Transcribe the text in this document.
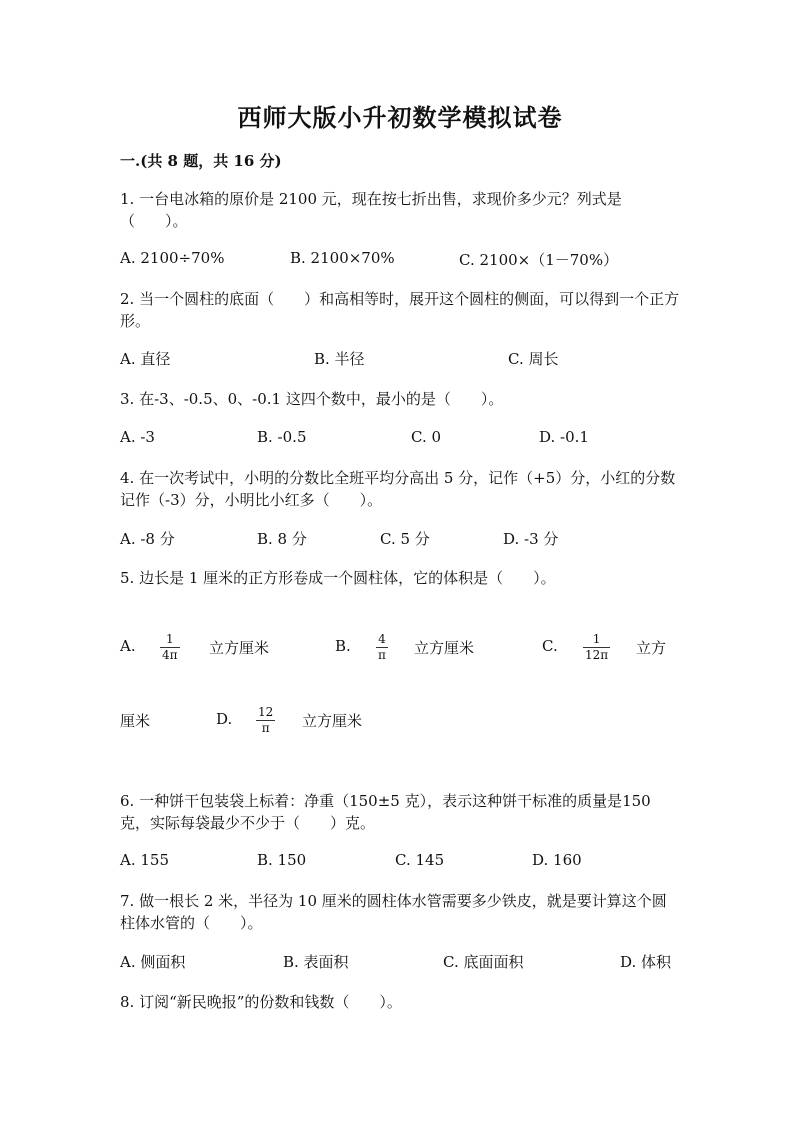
西师大版小升初数学模拟试卷
一.(共 8 题，共 16 分)
1. 一台电冰箱的原价是 2100 元，现在按七折出售，求现价多少元？列式是（　　）。
A. 2100÷70%	B. 2100×70%	C. 2100×（1－70%）
2. 当一个圆柱的底面（　　）和高相等时，展开这个圆柱的侧面，可以得到一个正方形。
A. 直径	B. 半径	C. 周长
3. 在-3、-0.5、0、-0.1 这四个数中，最小的是（　　）。
A. -3	B. -0.5	C. 0	D. -0.1
4. 在一次考试中，小明的分数比全班平均分高出 5 分，记作（+5）分，小红的分数记作（-3）分，小明比小红多（　　）。
A. -8 分	B. 8 分	C. 5 分	D. -3 分
5. 边长是 1 厘米的正方形卷成一个圆柱体，它的体积是（　　）。
A.	1
4π 立方厘米	B. 4
π 立方厘米	C.	1
12π 立方
厘米	D. 12
π 立方厘米
6. 一种饼干包装袋上标着：净重（150±5 克），表示这种饼干标准的质量是150 克，实际每袋最少不少于（　　）克。
A. 155	B. 150	C. 145	D. 160
7. 做一根长 2 米，半径为 10 厘米的圆柱体水管需要多少铁皮，就是要计算这个圆柱体水管的（　　）。
A. 侧面积	B. 表面积	C. 底面面积	D. 体积
8. 订阅“新民晚报”的份数和钱数（　　）。
